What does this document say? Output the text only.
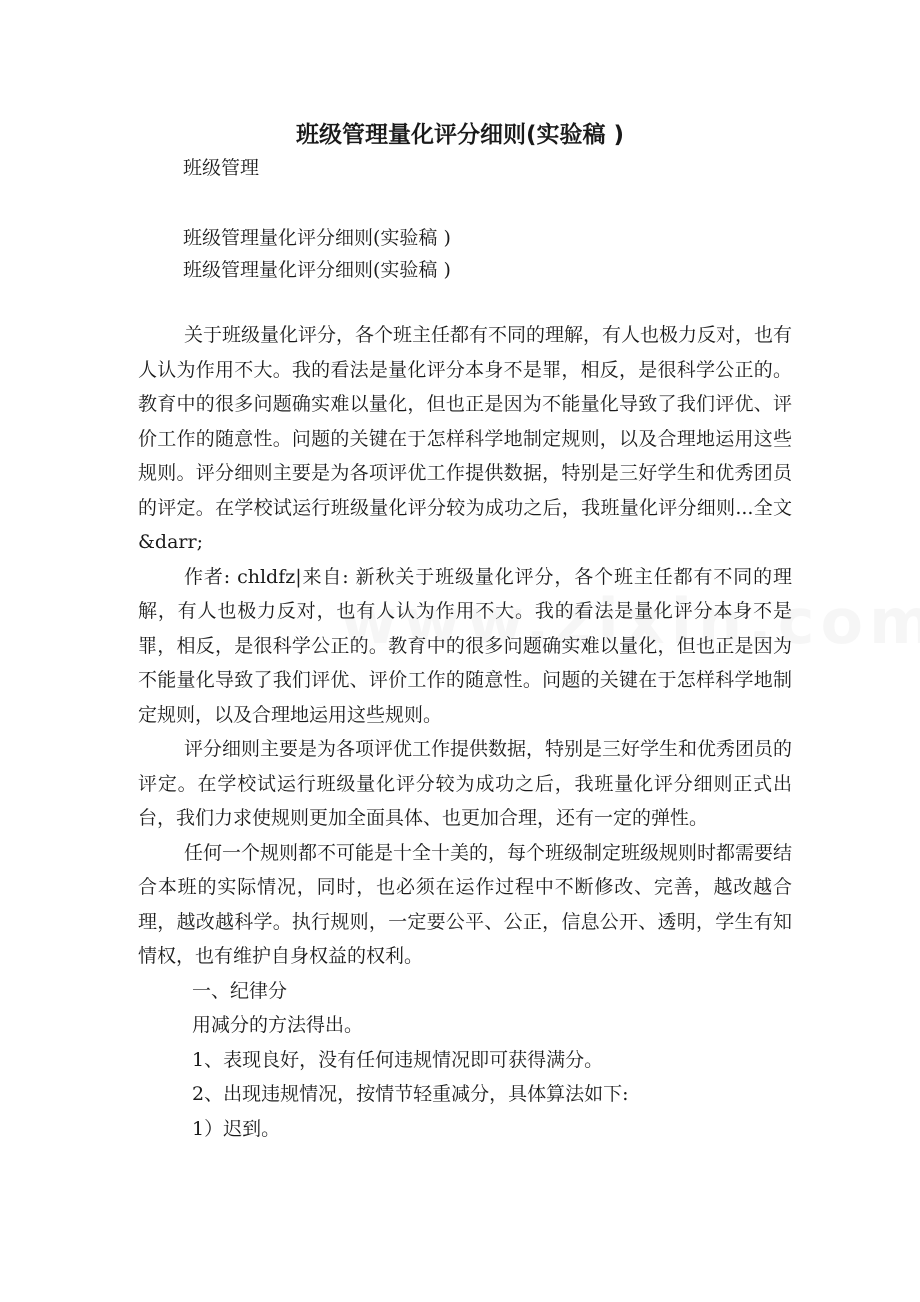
班级管理量化评分细则(实验稿 )

班级管理

班级管理量化评分细则(实验稿 )

班级管理量化评分细则(实验稿 )

关于班级量化评分，各个班主任都有不同的理解，有人也极力反对，也有人认为作用不大。我的看法是量化评分本身不是罪，相反，是很科学公正的。教育中的很多问题确实难以量化，但也正是因为不能量化导致了我们评优、评价工作的随意性。问题的关键在于怎样科学地制定规则，以及合理地运用这些规则。评分细则主要是为各项评优工作提供数据，特别是三好学生和优秀团员的评定。在学校试运行班级量化评分较为成功之后，我班量化评分细则...全文&darr;

作者: chldfz|来自: 新秋关于班级量化评分，各个班主任都有不同的理解，有人也极力反对，也有人认为作用不大。我的看法是量化评分本身不是罪，相反，是很科学公正的。教育中的很多问题确实难以量化，但也正是因为不能量化导致了我们评优、评价工作的随意性。问题的关键在于怎样科学地制定规则，以及合理地运用这些规则。

评分细则主要是为各项评优工作提供数据，特别是三好学生和优秀团员的评定。在学校试运行班级量化评分较为成功之后，我班量化评分细则正式出台，我们力求使规则更加全面具体、也更加合理，还有一定的弹性。

任何一个规则都不可能是十全十美的，每个班级制定班级规则时都需要结合本班的实际情况，同时，也必须在运作过程中不断修改、完善，越改越合理，越改越科学。执行规则，一定要公平、公正，信息公开、透明，学生有知情权，也有维护自身权益的权利。

一、纪律分

用减分的方法得出。

1、表现良好，没有任何违规情况即可获得满分。

2、出现违规情况，按情节轻重减分，具体算法如下:

1）迟到。
